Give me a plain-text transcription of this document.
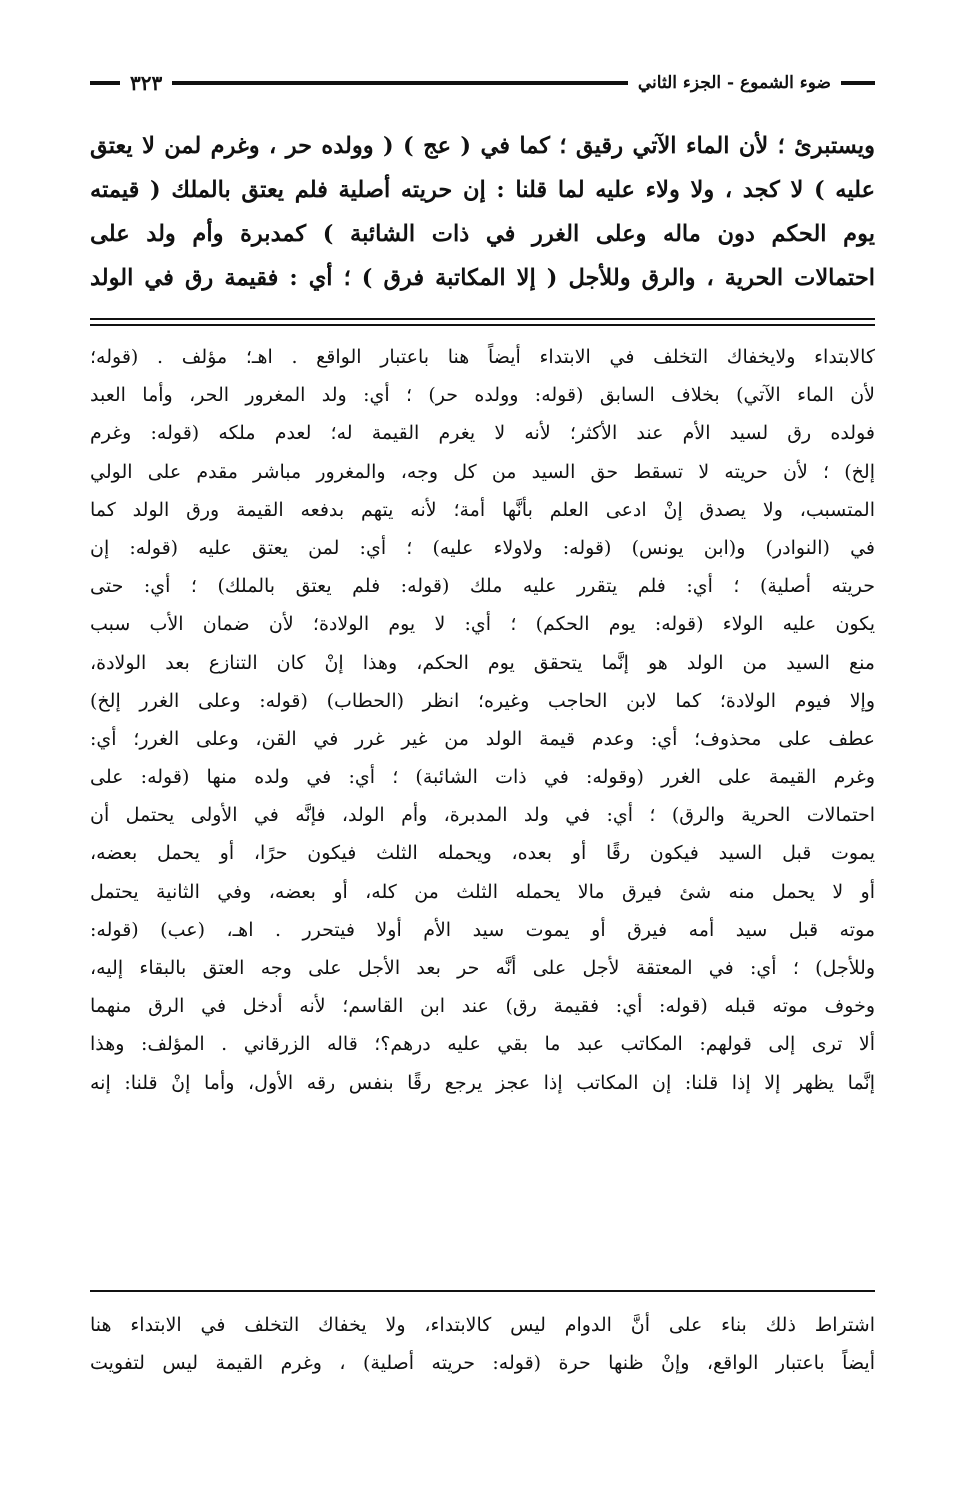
ضوء الشموع - الجزء الثاني
٣٢٣
ويستبرئ ؛ لأن الماء الآتي رقيق ؛ كما في ( عج ) ( وولده حر ، وغرم لمن لا يعتق
عليه ) لا كجد ، ولا ولاء عليه لما قلنا : إن حريته أصلية فلم يعتق بالملك ( قيمته
يوم الحكم دون ماله وعلى الغرر في ذات الشائبة ) كمدبرة وأم ولد على
احتمالات الحرية ، والرق وللأجل ( إلا المكاتبة فرق ) ؛ أي : فقيمة رق في الولد
كالابتداء ولايخفاك التخلف في الابتداء أيضاً هنا باعتبار الواقع . اهـ؛ مؤلف . (قوله؛
لأن الماء الآتي) بخلاف السابق (قوله: وولده حر) ؛ أي: ولد المغرور الحر، وأما العبد
فولده رق لسيد الأم عند الأكثر؛ لأنه لا يغرم القيمة له؛ لعدم ملكه (قوله: وغرم
إلخ) ؛ لأن حريته لا تسقط حق السيد من كل وجه، والمغرور مباشر مقدم على الولي
المتسبب، ولا يصدق إنْ ادعى العلم بأنَّها أمة؛ لأنه يتهم بدفعه القيمة ورق الولد كما
في (النوادر) و(ابن يونس) (قوله: ولاولاء عليه) ؛ أي: لمن يعتق عليه (قوله: إن
حريته أصلية) ؛ أي: فلم يتقرر عليه ملك (قوله: فلم يعتق بالملك) ؛ أي: حتى
يكون عليه الولاء (قوله: يوم الحكم) ؛ أي: لا يوم الولادة؛ لأن ضمان الأب سبب
منع السيد من الولد هو إنَّما يتحقق يوم الحكم، وهذا إنْ كان التنازع بعد الولادة،
وإلا فيوم الولادة؛ كما لابن الحاجب وغيره؛ انظر (الحطاب) (قوله: وعلى الغرر إلخ)
عطف على محذوف؛ أي: وعدم قيمة الولد من غير غرر في القن، وعلى الغرر؛ أي:
وغرم القيمة على الغرر (وقوله: في ذات الشائبة) ؛ أي: في ولده منها (قوله: على
احتمالات الحرية والرق) ؛ أي: في ولد المدبرة، وأم الولد، فإنَّه في الأولى يحتمل أن
يموت قبل السيد فيكون رقًا أو بعده، ويحمله الثلث فيكون حرًا، أو يحمل بعضه،
أو لا يحمل منه شئ فيرق مالا يحمله الثلث من كله، أو بعضه، وفي الثانية يحتمل
موته قبل سيد أمه فيرق أو يموت سيد الأم أولا فيتحرر . اهـ، (عب) (قوله:
وللأجل) ؛ أي: في المعتقة لأجل على أنَّه حر بعد الأجل على وجه العتق بالبقاء إليه،
وخوف موته قبله (قوله: أي: فقيمة رق) عند ابن القاسم؛ لأنه أدخل في الرق منهما
ألا ترى إلى قولهم: المكاتب عبد ما بقي عليه درهم؟؛ قاله الزرقاني . المؤلف: وهذا
إنَّما يظهر إلا إذا قلنا: إن المكاتب إذا عجز يرجع رقًا بنفس رقه الأول، وأما إنْ قلنا: إنه
اشتراط ذلك بناء على أنَّ الدوام ليس كالابتداء، ولا يخفاك التخلف في الابتداء هنا
أيضاً باعتبار الواقع، وإنْ ظنها حرة (قوله: حريته أصلية) ، وغرم القيمة ليس لتفويت
